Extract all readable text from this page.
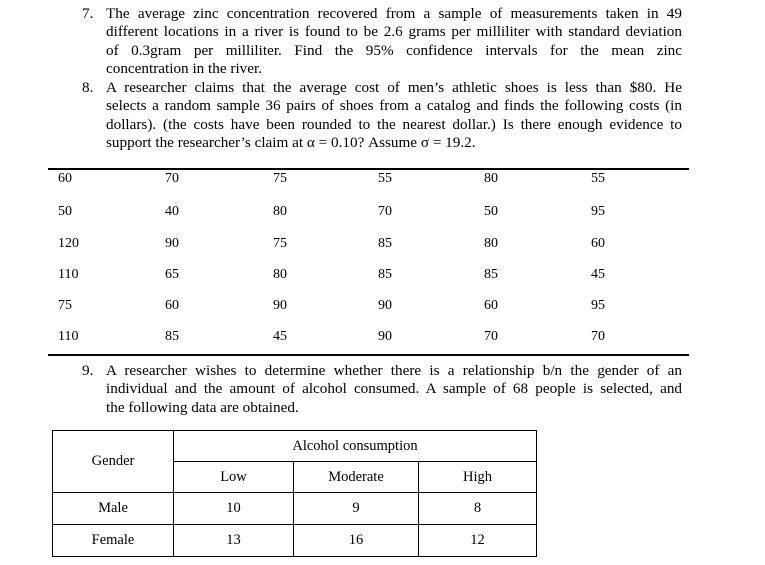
7. The average zinc concentration recovered from a sample of measurements taken in 49
different locations in a river is found to be 2.6 grams per milliliter with standard deviation
of 0.3gram per milliliter. Find the 95% confidence intervals for the mean zinc
concentration in the river.
8. A researcher claims that the average cost of men’s athletic shoes is less than $80. He
selects a random sample 36 pairs of shoes from a catalog and finds the following costs (in
dollars). (the costs have been rounded to the nearest dollar.) Is there enough evidence to
support the researcher’s claim at α = 0.10? Assume σ = 19.2.
60	70	75	55	80	55
50	40	80	70	50	95
120	90	75	85	80	60
110	65	80	85	85	45
75	60	90	90	60	95
110	85	45	90	70	70
9. A researcher wishes to determine whether there is a relationship b/n the gender of an
individual and the amount of alcohol consumed. A sample of 68 people is selected, and
the following data are obtained.
Gender	Alcohol consumption		
	Low	Moderate	High
Male	10	9	8
Female	13	16	12
